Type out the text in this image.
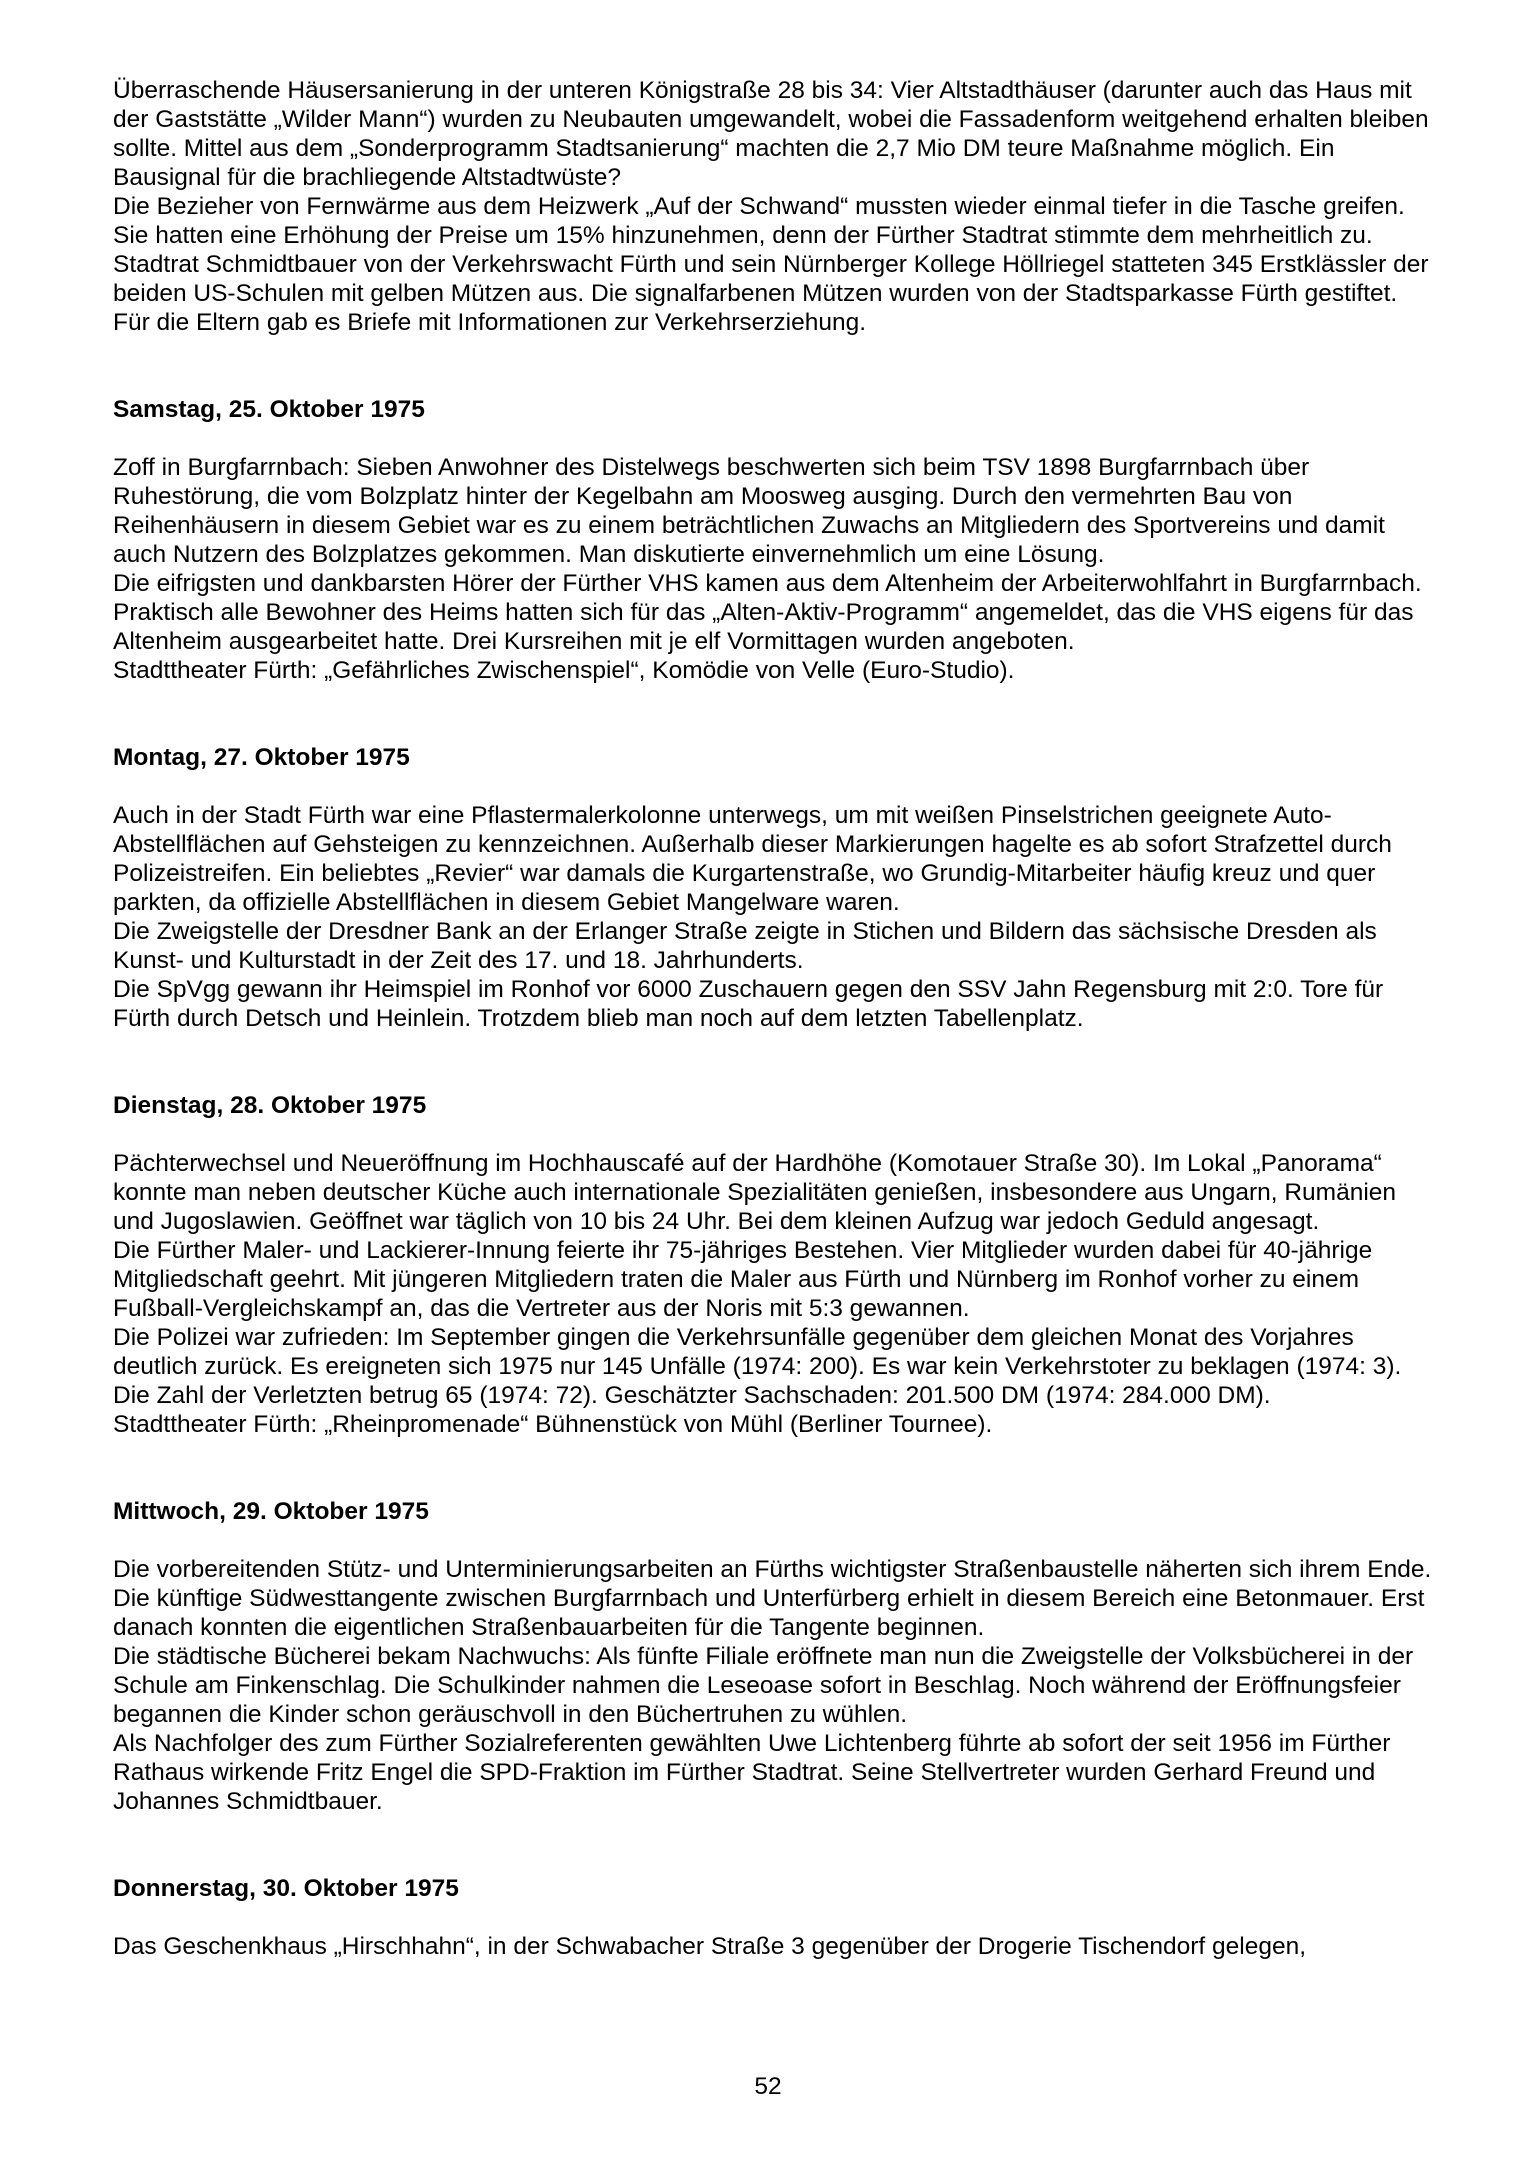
Überraschende Häusersanierung in der unteren Königstraße 28 bis 34: Vier Altstadthäuser (darunter auch das Haus mit der Gaststätte „Wilder Mann“) wurden zu Neubauten umgewandelt, wobei die Fassadenform weitgehend erhalten bleiben sollte. Mittel aus dem „Sonderprogramm Stadtsanierung“ machten die 2,7 Mio DM teure Maßnahme möglich. Ein Bausignal für die brachliegende Altstadtwüste?

Die Bezieher von Fernwärme aus dem Heizwerk „Auf der Schwand“ mussten wieder einmal tiefer in die Tasche greifen. Sie hatten eine Erhöhung der Preise um 15% hinzunehmen, denn der Fürther Stadtrat stimmte dem mehrheitlich zu.

Stadtrat Schmidtbauer von der Verkehrswacht Fürth und sein Nürnberger Kollege Höllriegel statteten 345 Erstklässler der beiden US-Schulen mit gelben Mützen aus. Die signalfarbenen Mützen wurden von der Stadtsparkasse Fürth gestiftet. Für die Eltern gab es Briefe mit Informationen zur Verkehrserziehung.

Samstag, 25. Oktober 1975

Zoff in Burgfarrnbach: Sieben Anwohner des Distelwegs beschwerten sich beim TSV 1898 Burgfarrnbach über Ruhestörung, die vom Bolzplatz hinter der Kegelbahn am Moosweg ausging. Durch den vermehrten Bau von Reihenhäusern in diesem Gebiet war es zu einem beträchtlichen Zuwachs an Mitgliedern des Sportvereins und damit auch Nutzern des Bolzplatzes gekommen. Man diskutierte einvernehmlich um eine Lösung.

Die eifrigsten und dankbarsten Hörer der Fürther VHS kamen aus dem Altenheim der Arbeiterwohlfahrt in Burgfarrnbach. Praktisch alle Bewohner des Heims hatten sich für das „Alten-Aktiv-Programm“ angemeldet, das die VHS eigens für das Altenheim ausgearbeitet hatte. Drei Kursreihen mit je elf Vormittagen wurden angeboten.

Stadttheater Fürth: „Gefährliches Zwischenspiel“, Komödie von Velle (Euro-Studio).

Montag, 27. Oktober 1975

Auch in der Stadt Fürth war eine Pflastermalerkolonne unterwegs, um mit weißen Pinselstrichen geeignete Auto-Abstellflächen auf Gehsteigen zu kennzeichnen. Außerhalb dieser Markierungen hagelte es ab sofort Strafzettel durch Polizeistreifen. Ein beliebtes „Revier“ war damals die Kurgartenstraße, wo Grundig-Mitarbeiter häufig kreuz und quer parkten, da offizielle Abstellflächen in diesem Gebiet Mangelware waren.

Die Zweigstelle der Dresdner Bank an der Erlanger Straße zeigte in Stichen und Bildern das sächsische Dresden als Kunst- und Kulturstadt in der Zeit des 17. und 18. Jahrhunderts.

Die SpVgg gewann ihr Heimspiel im Ronhof vor 6000 Zuschauern gegen den SSV Jahn Regensburg mit 2:0. Tore für Fürth durch Detsch und Heinlein. Trotzdem blieb man noch auf dem letzten Tabellenplatz.

Dienstag, 28. Oktober 1975

Pächterwechsel und Neueröffnung im Hochhauscafé auf der Hardhöhe (Komotauer Straße 30). Im Lokal „Panorama“ konnte man neben deutscher Küche auch internationale Spezialitäten genießen, insbesondere aus Ungarn, Rumänien und Jugoslawien. Geöffnet war täglich von 10 bis 24 Uhr. Bei dem kleinen Aufzug war jedoch Geduld angesagt.

Die Fürther Maler- und Lackierer-Innung feierte ihr 75-jähriges Bestehen. Vier Mitglieder wurden dabei für 40-jährige Mitgliedschaft geehrt. Mit jüngeren Mitgliedern traten die Maler aus Fürth und Nürnberg im Ronhof vorher zu einem Fußball-Vergleichskampf an, das die Vertreter aus der Noris mit 5:3 gewannen.

Die Polizei war zufrieden: Im September gingen die Verkehrsunfälle gegenüber dem gleichen Monat des Vorjahres deutlich zurück. Es ereigneten sich 1975 nur 145 Unfälle (1974: 200). Es war kein Verkehrstoter zu beklagen (1974: 3). Die Zahl der Verletzten betrug 65 (1974: 72). Geschätzter Sachschaden: 201.500 DM (1974: 284.000 DM).

Stadttheater Fürth: „Rheinpromenade“ Bühnenstück von Mühl (Berliner Tournee).

Mittwoch, 29. Oktober 1975

Die vorbereitenden Stütz- und Unterminierungsarbeiten an Fürths wichtigster Straßenbaustelle näherten sich ihrem Ende. Die künftige Südwesttangente zwischen Burgfarrnbach und Unterfürberg erhielt in diesem Bereich eine Betonmauer. Erst danach konnten die eigentlichen Straßenbauarbeiten für die Tangente beginnen.

Die städtische Bücherei bekam Nachwuchs: Als fünfte Filiale eröffnete man nun die Zweigstelle der Volksbücherei in der Schule am Finkenschlag. Die Schulkinder nahmen die Leseoase sofort in Beschlag. Noch während der Eröffnungsfeier begannen die Kinder schon geräuschvoll in den Büchertruhen zu wühlen.

Als Nachfolger des zum Fürther Sozialreferenten gewählten Uwe Lichtenberg führte ab sofort der seit 1956 im Fürther Rathaus wirkende Fritz Engel die SPD-Fraktion im Fürther Stadtrat. Seine Stellvertreter wurden Gerhard Freund und Johannes Schmidtbauer.

Donnerstag, 30. Oktober 1975

Das Geschenkhaus „Hirschhahn“, in der Schwabacher Straße 3 gegenüber der Drogerie Tischendorf gelegen,

52
